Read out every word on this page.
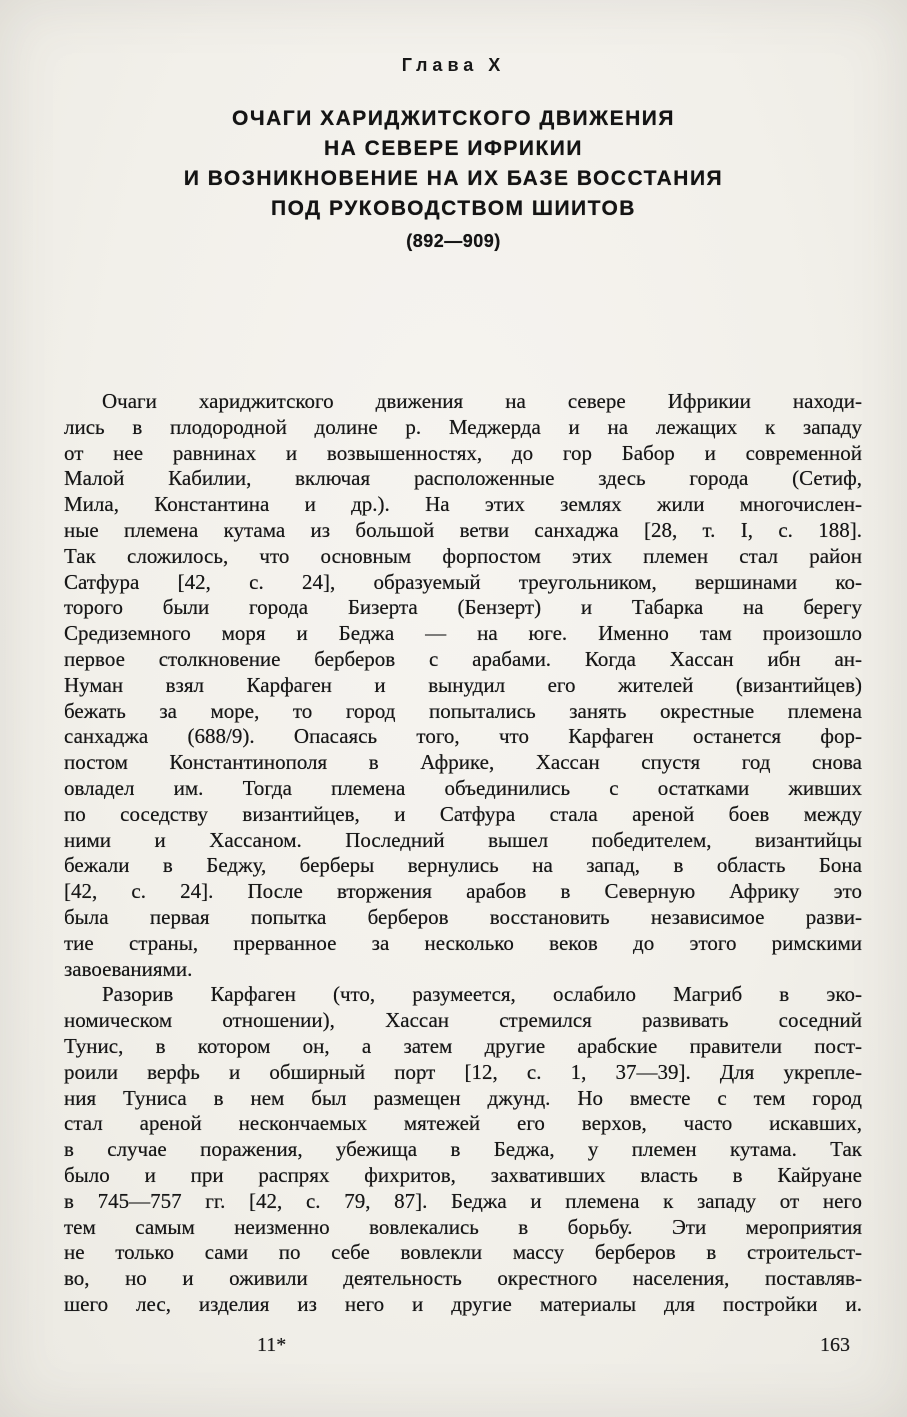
Глава X
ОЧАГИ ХАРИДЖИТСКОГО ДВИЖЕНИЯ
НА СЕВЕРЕ ИФРИКИИ
И ВОЗНИКНОВЕНИЕ НА ИХ БАЗЕ ВОССТАНИЯ
ПОД РУКОВОДСТВОМ ШИИТОВ
(892—909)
Очаги хариджитского движения на севере Ифрикии находи-
лись в плодородной долине р. Меджерда и на лежащих к западу
от нее равнинах и возвышенностях, до гор Бабор и современной
Малой Кабилии, включая расположенные здесь города (Сетиф,
Мила, Константина и др.). На этих землях жили многочислен-
ные племена кутама из большой ветви санхаджа [28, т. I, с. 188].
Так сложилось, что основным форпостом этих племен стал район
Сатфура [42, с. 24], образуемый треугольником, вершинами ко-
торого были города Бизерта (Бензерт) и Табарка на берегу
Средиземного моря и Беджа — на юге. Именно там произошло
первое столкновение берберов с арабами. Когда Хассан ибн ан-
Нуман взял Карфаген и вынудил его жителей (византийцев)
бежать за море, то город попытались занять окрестные племена
санхаджа (688/9). Опасаясь того, что Карфаген останется фор-
постом Константинополя в Африке, Хассан спустя год снова
овладел им. Тогда племена объединились с остатками живших
по соседству византийцев, и Сатфура стала ареной боев между
ними и Хассаном. Последний вышел победителем, византийцы
бежали в Беджу, берберы вернулись на запад, в область Бона
[42, с. 24]. После вторжения арабов в Северную Африку это
была первая попытка берберов восстановить независимое разви-
тие страны, прерванное за несколько веков до этого римскими
завоеваниями.
Разорив Карфаген (что, разумеется, ослабило Магриб в эко-
номическом отношении), Хассан стремился развивать соседний
Тунис, в котором он, а затем другие арабские правители пост-
роили верфь и обширный порт [12, с. 1, 37—39]. Для укрепле-
ния Туниса в нем был размещен джунд. Но вместе с тем город
стал ареной нескончаемых мятежей его верхов, часто искавших,
в случае поражения, убежища в Беджа, у племен кутама. Так
было и при распрях фихритов, захвативших власть в Кайруане
в 745—757 гг. [42, с. 79, 87]. Беджа и племена к западу от него
тем самым неизменно вовлекались в борьбу. Эти мероприятия
не только сами по себе вовлекли массу берберов в строительст-
во, но и оживили деятельность окрестного населения, поставляв-
шего лес, изделия из него и другие материалы для постройки и.
11*	163
